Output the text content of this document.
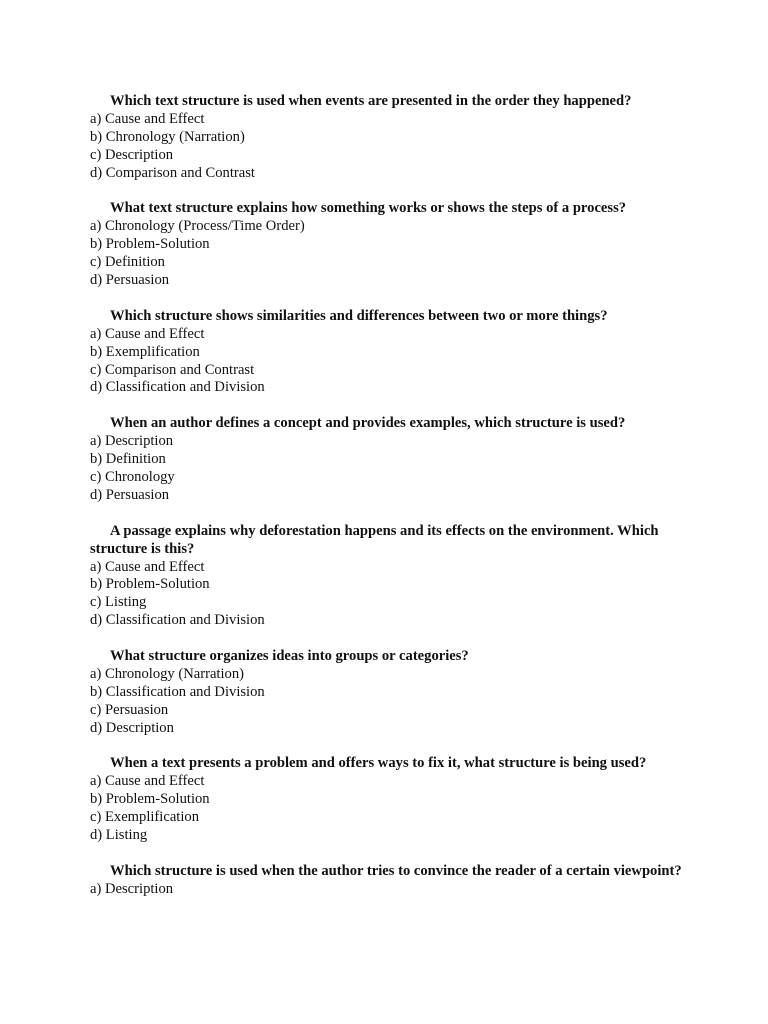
Which text structure is used when events are presented in the order they happened?

a) Cause and Effect
b) Chronology (Narration)
c) Description
d) Comparison and Contrast

What text structure explains how something works or shows the steps of a process?

a) Chronology (Process/Time Order)
b) Problem-Solution
c) Definition
d) Persuasion

Which structure shows similarities and differences between two or more things?

a) Cause and Effect
b) Exemplification
c) Comparison and Contrast
d) Classification and Division

When an author defines a concept and provides examples, which structure is used?

a) Description
b) Definition
c) Chronology
d) Persuasion

A passage explains why deforestation happens and its effects on the environment. Which structure is this?

a) Cause and Effect
b) Problem-Solution
c) Listing
d) Classification and Division

What structure organizes ideas into groups or categories?

a) Chronology (Narration)
b) Classification and Division
c) Persuasion
d) Description

When a text presents a problem and offers ways to fix it, what structure is being used?

a) Cause and Effect
b) Problem-Solution
c) Exemplification
d) Listing

Which structure is used when the author tries to convince the reader of a certain viewpoint?

a) Description
